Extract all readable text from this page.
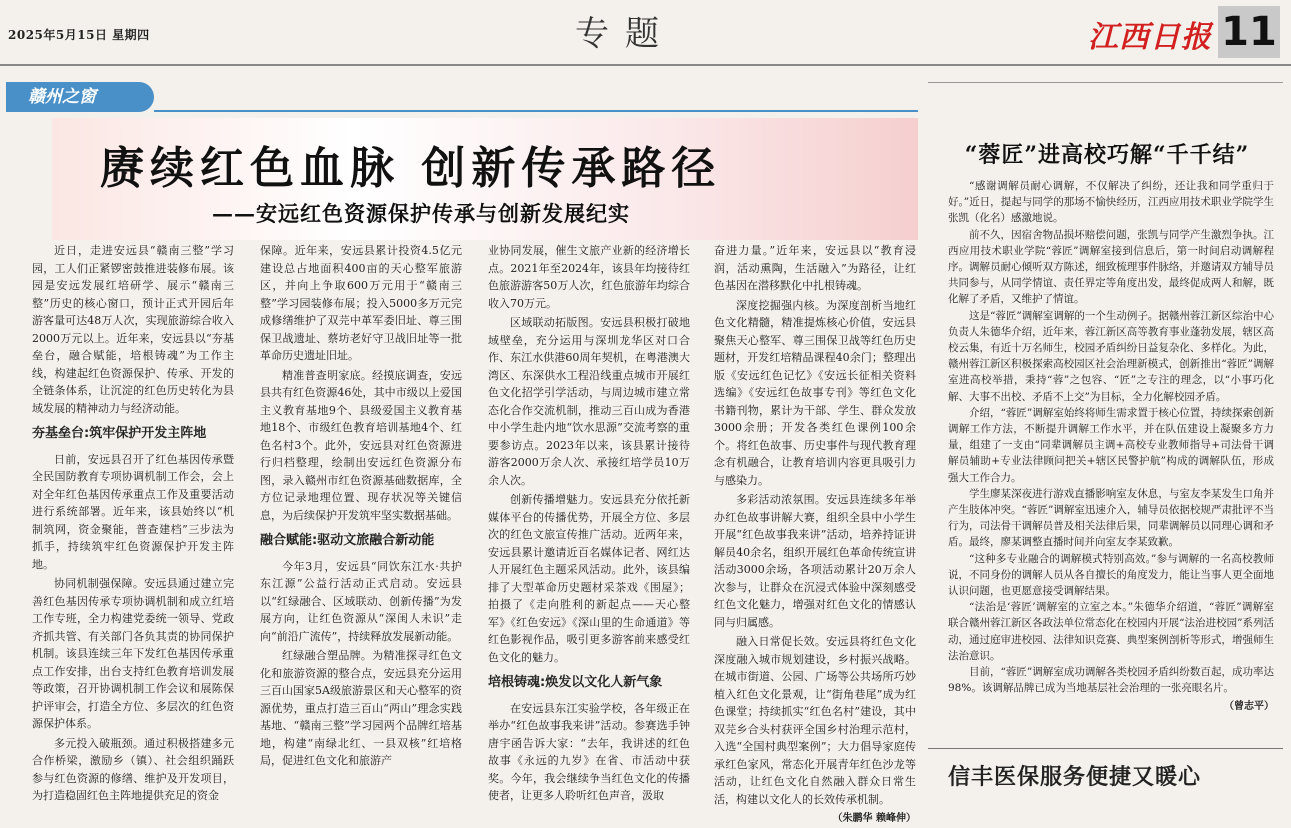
2025年5月15日 星期四	专题	江西日报 11
赣州之窗
赓续红色血脉 创新传承路径
——安远红色资源保护传承与创新发展纪实

近日，走进安远县“赣南三整”学习园，工人们正紧锣密鼓推进装修布展。该园是安远发展红培研学、展示“赣南三整”历史的核心窗口，预计正式开园后年游客量可达48万人次，实现旅游综合收入2000万元以上。近年来，安远县以“夯基垒台，融合赋能，培根铸魂”为工作主线，构建起红色资源保护、传承、开发的全链条体系，让沉淀的红色历史转化为县域发展的精神动力与经济动能。

夯基垒台:筑牢保护开发主阵地

日前，安远县召开了红色基因传承暨全民国防教育专项协调机制工作会，会上对全年红色基因传承重点工作及重要活动进行系统部署。近年来，该县始终以“机制筑网，资金聚能，普查建档”三步法为抓手，持续筑牢红色资源保护开发主阵地。

协同机制强保障。安远县通过建立完善红色基因传承专项协调机制和成立红培工作专班，全力构建党委统一领导、党政齐抓共管、有关部门各负其责的协同保护机制。该县连续三年下发红色基因传承重点工作安排，出台支持红色教育培训发展等政策，召开协调机制工作会议和展陈保护评审会，打造全方位、多层次的红色资源保护体系。

多元投入破瓶颈。通过积极搭建多元合作桥梁，激励乡（镇）、社会组织踊跃参与红色资源的修缮、维护及开发项目，为打造稳固红色主阵地提供充足的资金

保障。近年来，安远县累计投资4.5亿元建设总占地面积400亩的天心整军旅游区，并向上争取600万元用于“赣南三整”学习园装修布展；投入5000多万元完成修缮维护了双芫中革军委旧址、尊三围保卫战遗址、蔡坊老好守卫战旧址等一批革命历史遗址旧址。

精准普查明家底。经摸底调查，安远县共有红色资源46处，其中市级以上爱国主义教育基地9个、县级爱国主义教育基地18个、市级红色教育培训基地4个、红色名村3个。此外，安远县对红色资源进行归档整理，绘制出安远红色资源分布图，录入赣州市红色资源基础数据库，全方位记录地理位置、现存状况等关键信息，为后续保护开发筑牢坚实数据基础。

融合赋能:驱动文旅融合新动能

今年3月，安远县“同饮东江水·共护东江源”公益行活动正式启动。安远县以“红绿融合、区域联动、创新传播”为发展方向，让红色资源从“深闺人未识”走向“前沿广流传”，持续释放发展新动能。

红绿融合塑品牌。为精准探寻红色文化和旅游资源的整合点，安远县充分运用三百山国家5A级旅游景区和天心整军的资源优势，重点打造三百山“两山”理念实践基地、“赣南三整”学习园两个品牌红培基地，构建“南绿北红、一县双核”红培格局，促进红色文化和旅游产

业协同发展，催生文旅产业新的经济增长点。2021年至2024年，该县年均接待红色旅游游客50万人次，红色旅游年均综合收入70万元。

区域联动拓版图。安远县积极打破地域壁垒，充分运用与深圳龙华区对口合作、东江水供港60周年契机，在粤港澳大湾区、东深供水工程沿线重点城市开展红色文化招学引学活动，与周边城市建立常态化合作交流机制，推动三百山成为香港中小学生赴内地“饮水思源”交流考察的重要参访点。2023年以来，该县累计接待游客2000万余人次、承接红培学员10万余人次。

创新传播增魅力。安远县充分依托新媒体平台的传播优势，开展全方位、多层次的红色文旅宣传推广活动。近两年来，安远县累计邀请近百名媒体记者、网红达人开展红色主题采风活动。此外，该县编排了大型革命历史题材采茶戏《围屋》；拍摄了《走向胜利的新起点——天心整军》《红色安远》《深山里的生命通道》等红色影视作品，吸引更多游客前来感受红色文化的魅力。

培根铸魂:焕发以文化人新气象

在安远县东江实验学校，各年级正在举办“红色故事我来讲”活动。参赛选手钟唐宇函告诉大家：“去年，我讲述的红色故事《永远的九岁》在省、市活动中获奖。今年，我会继续争当红色文化的传播使者，让更多人聆听红色声音，汲取

奋进力量。”近年来，安远县以“教育浸润，活动熏陶，生活融入”为路径，让红色基因在潜移默化中扎根铸魂。

深度挖掘强内核。为深度剖析当地红色文化精髓，精准提炼核心价值，安远县聚焦天心整军、尊三围保卫战等红色历史题材，开发红培精品课程40余门；整理出版《安远红色记忆》《安远长征相关资料选编》《安远红色故事专刊》等红色文化书籍刊物，累计为干部、学生、群众发放3000余册；开发各类红色课例100余个。将红色故事、历史事件与现代教育理念有机融合，让教育培训内容更具吸引力与感染力。

多彩活动浓氛围。安远县连续多年举办红色故事讲解大赛，组织全县中小学生开展“红色故事我来讲”活动，培养持证讲解员40余名，组织开展红色革命传统宣讲活动3000余场，各项活动累计20万余人次参与，让群众在沉浸式体验中深刻感受红色文化魅力，增强对红色文化的情感认同与归属感。

融入日常促长效。安远县将红色文化深度融入城市规划建设，乡村振兴战略。在城市街道、公园、广场等公共场所巧妙植入红色文化景观，让“街角巷尾”成为红色课堂；持续抓实“红色名村”建设，其中双芫乡合头村获评全国乡村治理示范村，入选“全国村典型案例”；大力倡导家庭传承红色家风，常态化开展青年红色沙龙等活动，让红色文化自然融入群众日常生活，构建以文化人的长效传承机制。

（朱鹏华 赖峰伸）
“蓉匠”进高校巧解“千千结”

“感谢调解员耐心调解，不仅解决了纠纷，还让我和同学重归于好。”近日，提起与同学的那场不愉快经历，江西应用技术职业学院学生张凯（化名）感激地说。

前不久，因宿舍物品损坏赔偿问题，张凯与同学产生激烈争执。江西应用技术职业学院“蓉匠”调解室接到信息后，第一时间启动调解程序。调解员耐心倾听双方陈述，细致梳理事件脉络，并邀请双方辅导员共同参与，从同学情谊、责任界定等角度出发，最终促成两人和解，既化解了矛盾，又维护了情谊。

这是“蓉匠”调解室调解的一个生动例子。据赣州蓉江新区综治中心负责人朱德华介绍，近年来，蓉江新区高等教育事业蓬勃发展，辖区高校云集，有近十万名师生，校园矛盾纠纷日益复杂化、多样化。为此，赣州蓉江新区积极探索高校园区社会治理新模式，创新推出“蓉匠”调解室进高校举措，秉持“蓉”之包容、“匠”之专注的理念，以“小事巧化解、大事不出校、矛盾不上交”为目标，全力化解校园矛盾。

介绍，“蓉匠”调解室始终将师生需求置于核心位置，持续探索创新调解工作方法，不断提升调解工作水平，并在队伍建设上凝聚多方力量，组建了一支由“同辈调解员主调+高校专业教师指导+司法骨干调解员辅助+专业法律顾问把关+辖区民警护航”构成的调解队伍，形成强大工作合力。

学生廖某深夜进行游戏直播影响室友休息，与室友李某发生口角并产生肢体冲突。“蓉匠”调解室迅速介入，辅导员依据校规严肃批评不当行为，司法骨干调解员普及相关法律后果，同辈调解员以同理心调和矛盾。最终，廖某调整直播时间并向室友李某致歉。

“这种多专业融合的调解模式特别高效。”参与调解的一名高校教师说，不同身份的调解人员从各自擅长的角度发力，能让当事人更全面地认识问题，也更愿意接受调解结果。

“法治是‘蓉匠’调解室的立室之本。”朱德华介绍道，“蓉匠”调解室联合赣州蓉江新区各政法单位常态化在校园内开展“法治进校园”系列活动，通过庭审进校园、法律知识竞赛、典型案例剖析等形式，增强师生法治意识。

目前，“蓉匠”调解室成功调解各类校园矛盾纠纷数百起，成功率达98%。该调解品牌已成为当地基层社会治理的一张亮眼名片。

（曾志平）
信丰医保服务便捷又暖心
